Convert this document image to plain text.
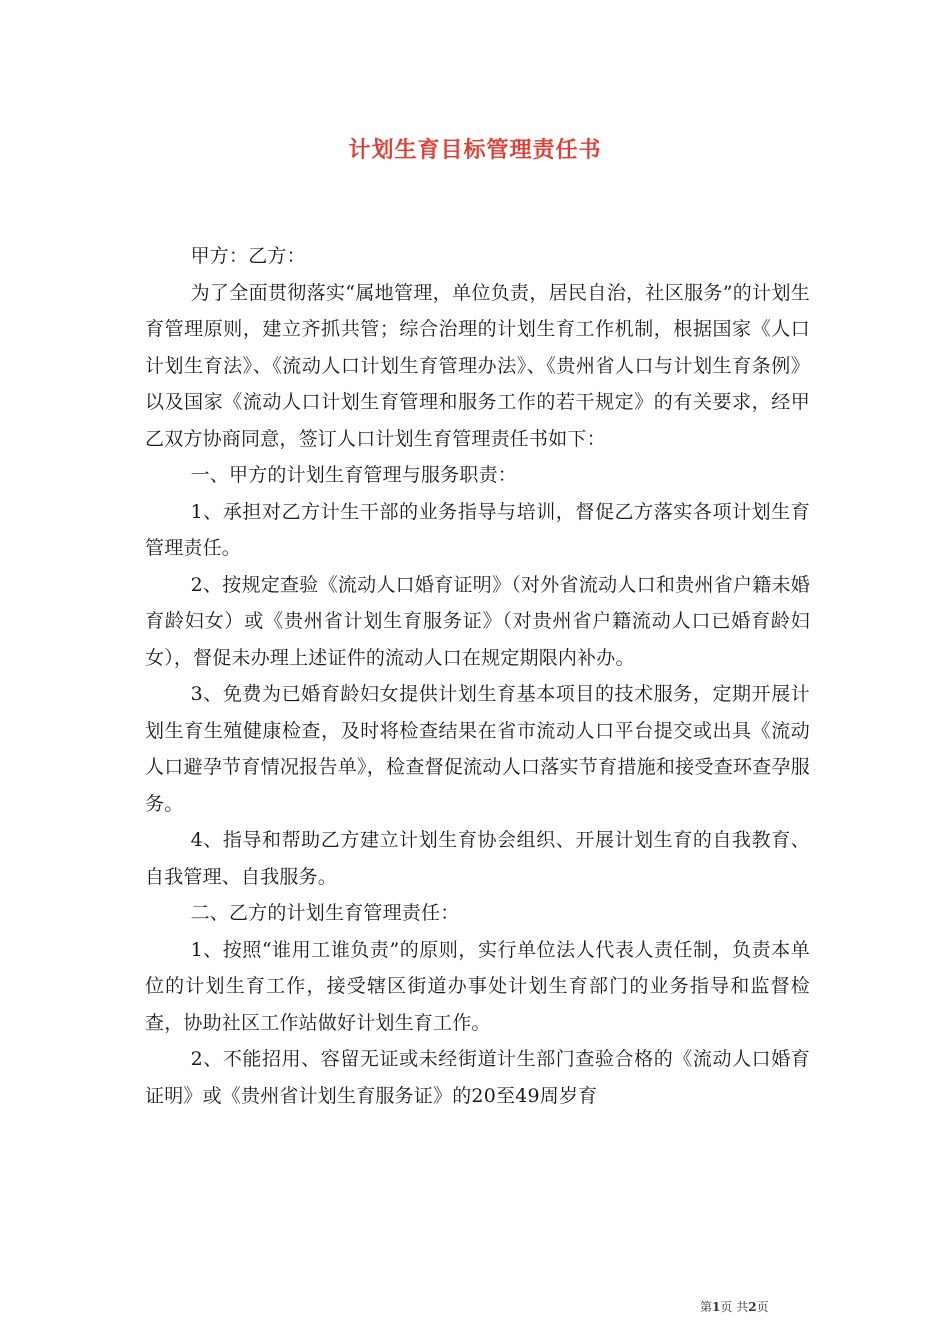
计划生育目标管理责任书

甲方：乙方：

为了全面贯彻落实“属地管理，单位负责，居民自治，社区服务”的计划生育管理原则，建立齐抓共管；综合治理的计划生育工作机制，根据国家《人口计划生育法》、《流动人口计划生育管理办法》、《贵州省人口与计划生育条例》以及国家《流动人口计划生育管理和服务工作的若干规定》的有关要求，经甲乙双方协商同意，签订人口计划生育管理责任书如下：

一、甲方的计划生育管理与服务职责：

1、承担对乙方计生干部的业务指导与培训，督促乙方落实各项计划生育管理责任。

2、按规定查验《流动人口婚育证明》（对外省流动人口和贵州省户籍未婚育龄妇女）或《贵州省计划生育服务证》（对贵州省户籍流动人口已婚育龄妇女），督促未办理上述证件的流动人口在规定期限内补办。

3、免费为已婚育龄妇女提供计划生育基本项目的技术服务，定期开展计划生育生殖健康检查，及时将检查结果在省市流动人口平台提交或出具《流动人口避孕节育情况报告单》，检查督促流动人口落实节育措施和接受查环查孕服务。

4、指导和帮助乙方建立计划生育协会组织、开展计划生育的自我教育、自我管理、自我服务。

二、乙方的计划生育管理责任：

1、按照“谁用工谁负责”的原则，实行单位法人代表人责任制，负责本单位的计划生育工作，接受辖区街道办事处计划生育部门的业务指导和监督检查，协助社区工作站做好计划生育工作。

2、不能招用、容留无证或未经街道计生部门查验合格的《流动人口婚育证明》或《贵州省计划生育服务证》的20至49周岁育

第1页 共2页
